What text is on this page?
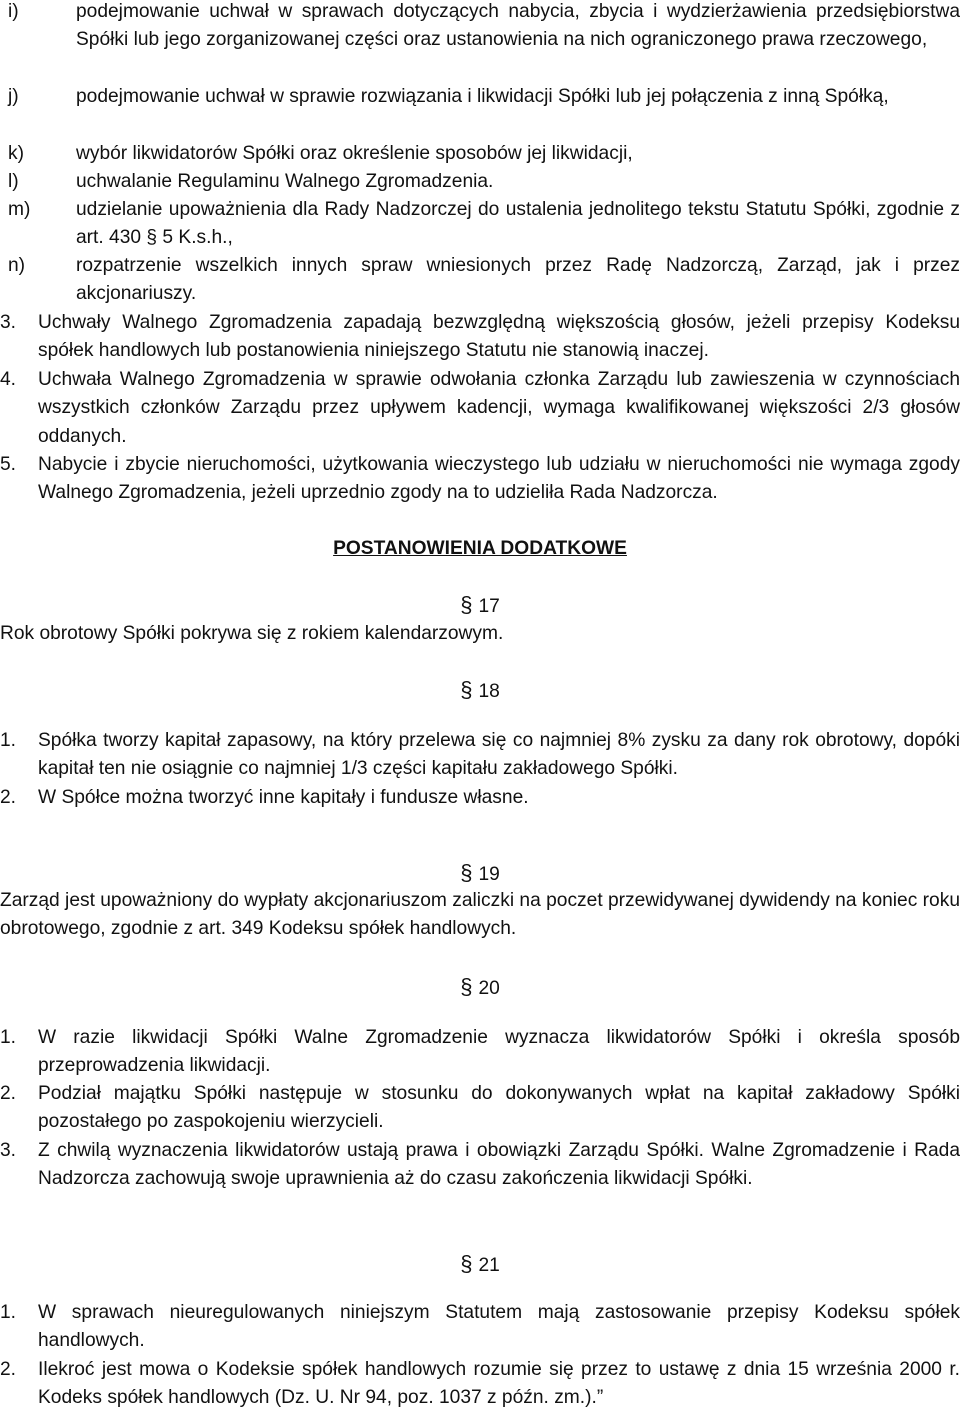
i)	podejmowanie uchwał w sprawach dotyczących nabycia, zbycia i wydzierżawienia przedsiębiorstwa Spółki lub jego zorganizowanej części oraz ustanowienia na nich ograniczonego prawa rzeczowego,
j)	podejmowanie uchwał w sprawie rozwiązania i likwidacji Spółki lub jej połączenia z inną Spółką,
k)	wybór likwidatorów Spółki oraz określenie sposobów jej likwidacji,
l)	uchwalanie Regulaminu Walnego Zgromadzenia.
m) udzielanie upoważnienia dla Rady Nadzorczej do ustalenia jednolitego tekstu Statutu Spółki, zgodnie z art. 430 § 5 K.s.h.,
n)	rozpatrzenie wszelkich innych spraw wniesionych przez Radę Nadzorczą, Zarząd, jak i przez akcjonariuszy.
3. Uchwały Walnego Zgromadzenia zapadają bezwzględną większością głosów, jeżeli przepisy Kodeksu spółek handlowych lub postanowienia niniejszego Statutu nie stanowią inaczej.
4. Uchwała Walnego Zgromadzenia w sprawie odwołania członka Zarządu lub zawieszenia w czynnościach wszystkich członków Zarządu przez upływem kadencji, wymaga kwalifikowanej większości 2/3 głosów oddanych.
5. Nabycie i zbycie nieruchomości, użytkowania wieczystego lub udziału w nieruchomości nie wymaga zgody Walnego Zgromadzenia, jeżeli uprzednio zgody na to udzieliła Rada Nadzorcza.
POSTANOWIENIA DODATKOWE
§ 17
Rok obrotowy Spółki pokrywa się z rokiem kalendarzowym.
§ 18
1. Spółka tworzy kapitał zapasowy, na który przelewa się co najmniej 8% zysku za dany rok obrotowy, dopóki kapitał ten nie osiągnie co najmniej 1/3 części kapitału zakładowego Spółki.
2. W Spółce można tworzyć inne kapitały i fundusze własne.
§ 19
Zarząd jest upoważniony do wypłaty akcjonariuszom zaliczki na poczet przewidywanej dywidendy na koniec roku obrotowego, zgodnie z art. 349 Kodeksu spółek handlowych.
§ 20
1. W razie likwidacji Spółki Walne Zgromadzenie wyznacza likwidatorów Spółki i określa sposób przeprowadzenia likwidacji.
2. Podział majątku Spółki następuje w stosunku do dokonywanych wpłat na kapitał zakładowy Spółki pozostałego po zaspokojeniu wierzycieli.
3. Z chwilą wyznaczenia likwidatorów ustają prawa i obowiązki Zarządu Spółki. Walne Zgromadzenie i Rada Nadzorcza zachowują swoje uprawnienia aż do czasu zakończenia likwidacji Spółki.
§ 21
1. W sprawach nieuregulowanych niniejszym Statutem mają zastosowanie przepisy Kodeksu spółek handlowych.
2. Ilekroć jest mowa o Kodeksie spółek handlowych rozumie się przez to ustawę z dnia 15 września 2000 r. Kodeks spółek handlowych (Dz. U. Nr 94, poz. 1037 z późn. zm.).”
